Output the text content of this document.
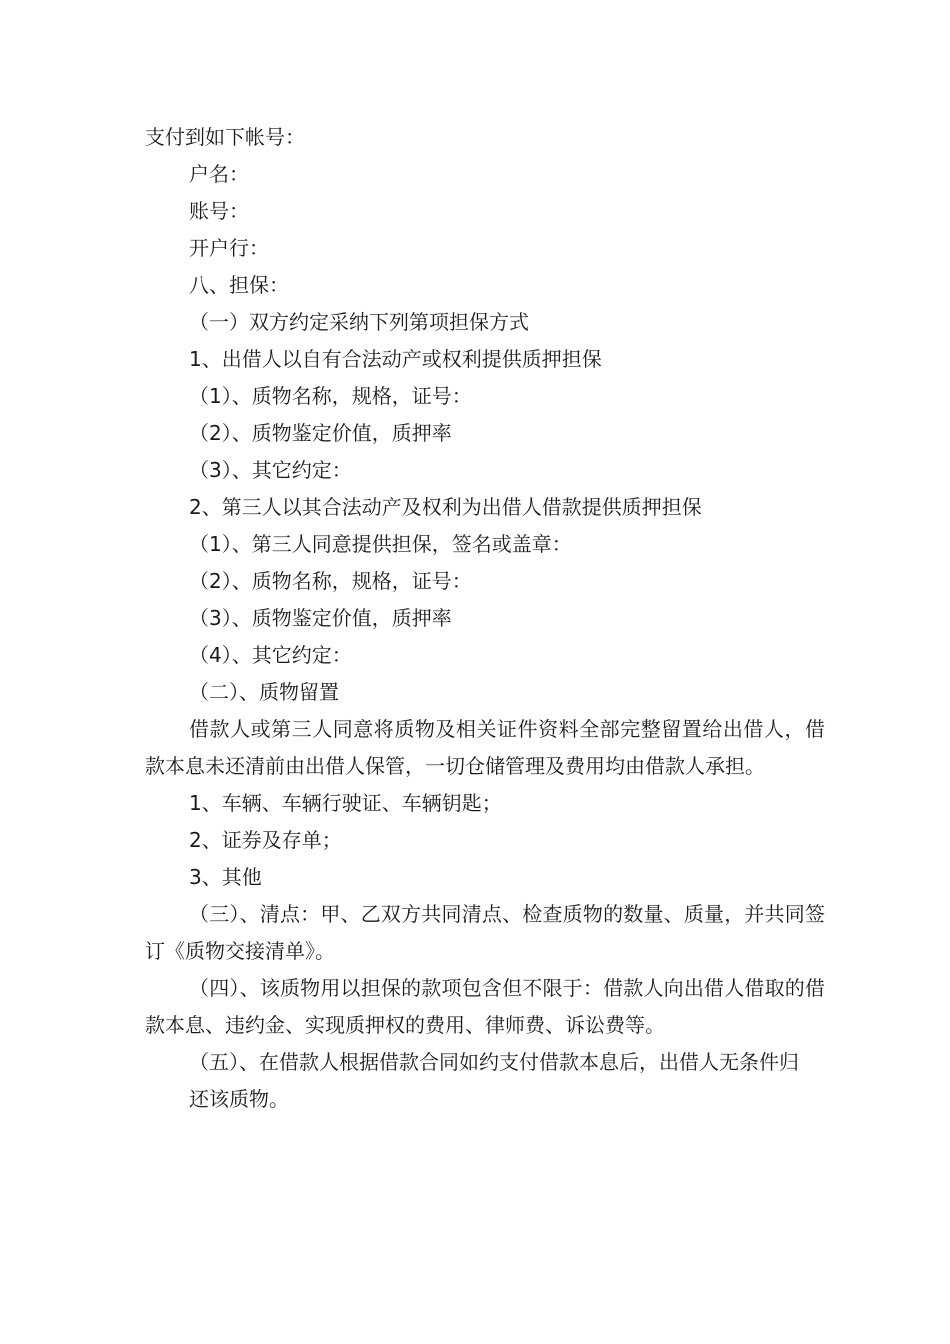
支付到如下帐号：

户名：

账号：

开户行：

八、担保：

（一）双方约定采纳下列第项担保方式

1、出借人以自有合法动产或权利提供质押担保

（1）、质物名称，规格，证号：

（2）、质物鉴定价值，质押率

（3）、其它约定：

2、第三人以其合法动产及权利为出借人借款提供质押担保

（1）、第三人同意提供担保，签名或盖章：

（2）、质物名称，规格，证号：

（3）、质物鉴定价值，质押率

（4）、其它约定：

（二）、质物留置

借款人或第三人同意将质物及相关证件资料全部完整留置给出借人，借款本息未还清前由出借人保管，一切仓储管理及费用均由借款人承担。

1、车辆、车辆行驶证、车辆钥匙；

2、证券及存单；

3、其他

（三）、清点：甲、乙双方共同清点、检查质物的数量、质量，并共同签订《质物交接清单》。

（四）、该质物用以担保的款项包含但不限于：借款人向出借人借取的借款本息、违约金、实现质押权的费用、律师费、诉讼费等。

（五）、在借款人根据借款合同如约支付借款本息后，出借人无条件归

还该质物。
